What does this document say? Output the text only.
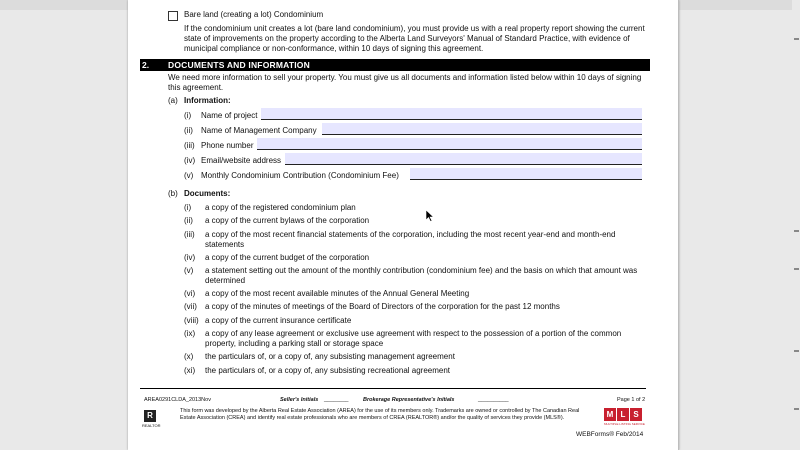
Bare land (creating a lot) Condominium
If the condominium unit creates a lot (bare land condominium), you must provide us with a real property report showing the current state of improvements on the property according to the Alberta Land Surveyors' Manual of Standard Practice, with evidence of municipal compliance or non-conformance, within 10 days of signing this agreement.
2. DOCUMENTS AND INFORMATION
We need more information to sell your property. You must give us all documents and information listed below within 10 days of signing this agreement.
(a) Information:
(i) Name of project
(ii) Name of Management Company
(iii) Phone number
(iv) Email/website address
(v) Monthly Condominium Contribution (Condominium Fee)
(b) Documents:
(i) a copy of the registered condominium plan
(ii) a copy of the current bylaws of the corporation
(iii) a copy of the most recent financial statements of the corporation, including the most recent year-end and month-end statements
(iv) a copy of the current budget of the corporation
(v) a statement setting out the amount of the monthly contribution (condominium fee) and the basis on which that amount was determined
(vi) a copy of the most recent available minutes of the Annual General Meeting
(vii) a copy of the minutes of meetings of the Board of Directors of the corporation for the past 12 months
(viii) a copy of the current insurance certificate
(ix) a copy of any lease agreement or exclusive use agreement with respect to the possession of a portion of the common property, including a parking stall or storage space
(x) the particulars of, or a copy of, any subsisting management agreement
(xi) the particulars of, or a copy of, any subsisting recreational agreement
AREA0291CLDA_2013Nov	Seller's Initials ________	Brokerage Representative's Initials	__________	Page 1 of 2
R
REALTOR
This form was developed by the Alberta Real Estate Association (AREA) for the use of its members only. Trademarks are owned or controlled by The Canadian Real Estate Association (CREA) and identify real estate professionals who are members of CREA (REALTOR®) and/or the quality of services they provide (MLS®).	M L S
MULTIPLE LISTING SERVICE
WEBForms® Feb/2014
